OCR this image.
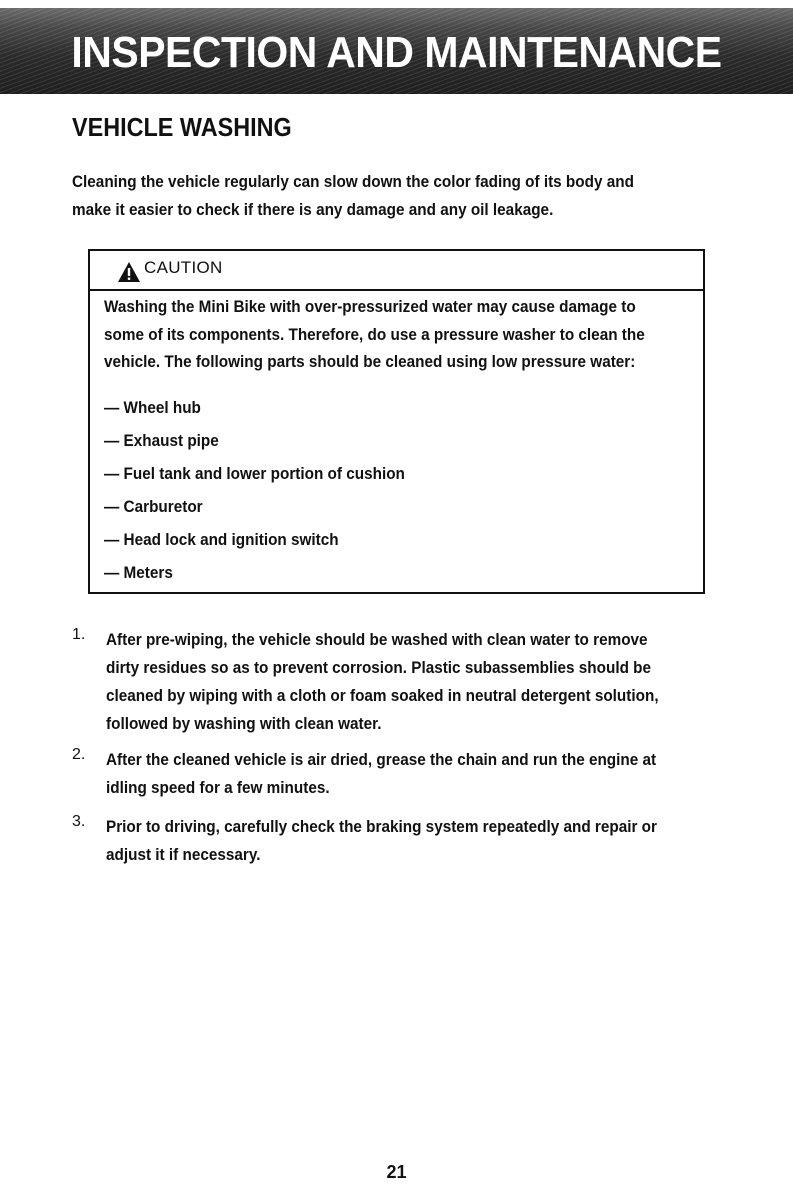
INSPECTION AND MAINTENANCE
VEHICLE WASHING
Cleaning the vehicle regularly can slow down the color fading of its body and
make it easier to check if there is any damage and any oil leakage.
CAUTION
Washing the Mini Bike with over-pressurized water may cause damage to
some of its components. Therefore, do use a pressure washer to clean the
vehicle. The following parts should be cleaned using low pressure water:
— Wheel hub
— Exhaust pipe
— Fuel tank and lower portion of cushion
— Carburetor
— Head lock and ignition switch
— Meters
1.	After pre-wiping, the vehicle should be washed with clean water to remove
dirty residues so as to prevent corrosion. Plastic subassemblies should be
cleaned by wiping with a cloth or foam soaked in neutral detergent solution,
followed by washing with clean water.
2.	After the cleaned vehicle is air dried, grease the chain and run the engine at
idling speed for a few minutes.
3.	Prior to driving, carefully check the braking system repeatedly and repair or
adjust it if necessary.
21
